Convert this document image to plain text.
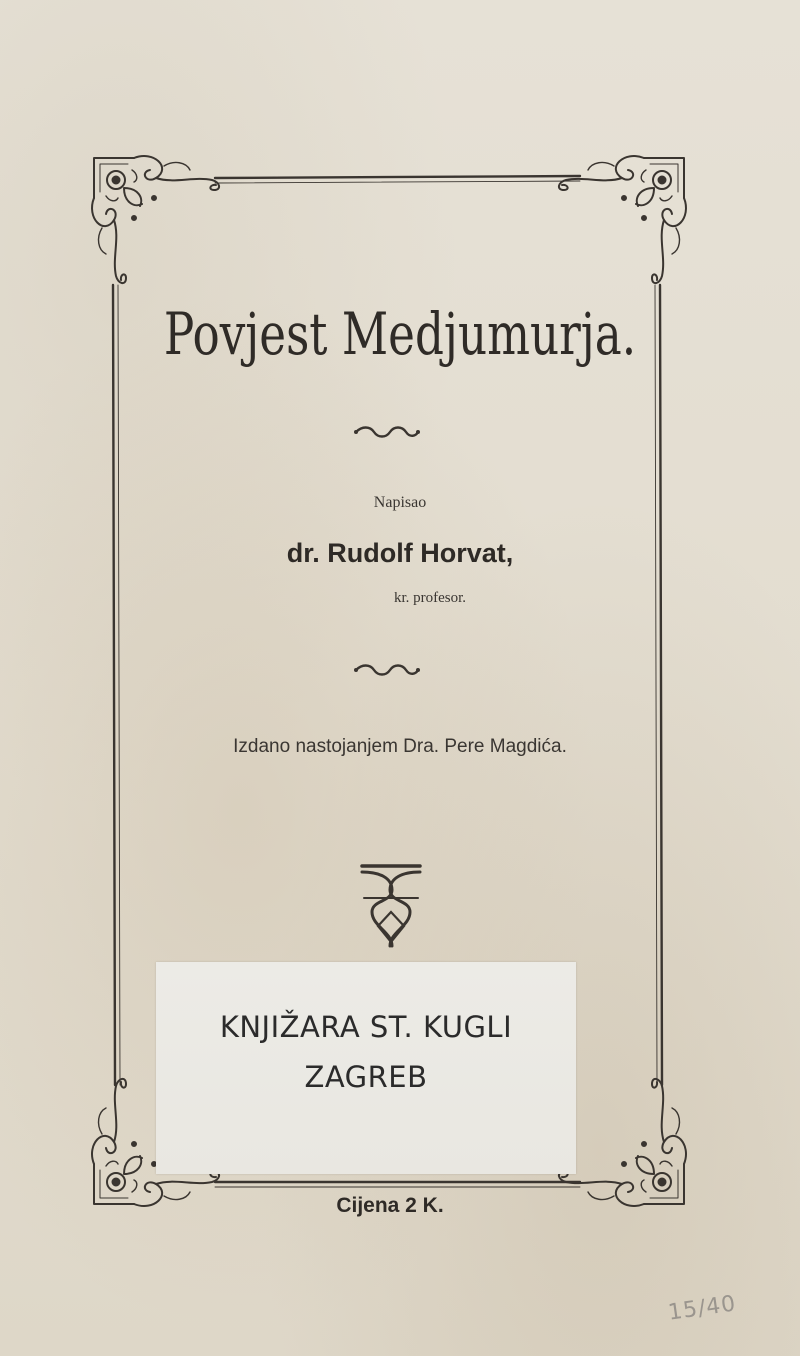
Povjest Medjumurja.
Napisao
dr. Rudolf Horvat,
kr. profesor.
Izdano nastojanjem Dra. Pere Magdića.
KNJIŽARA ST. KUGLI
ZAGREB
Cijena 2 K.
15/40
